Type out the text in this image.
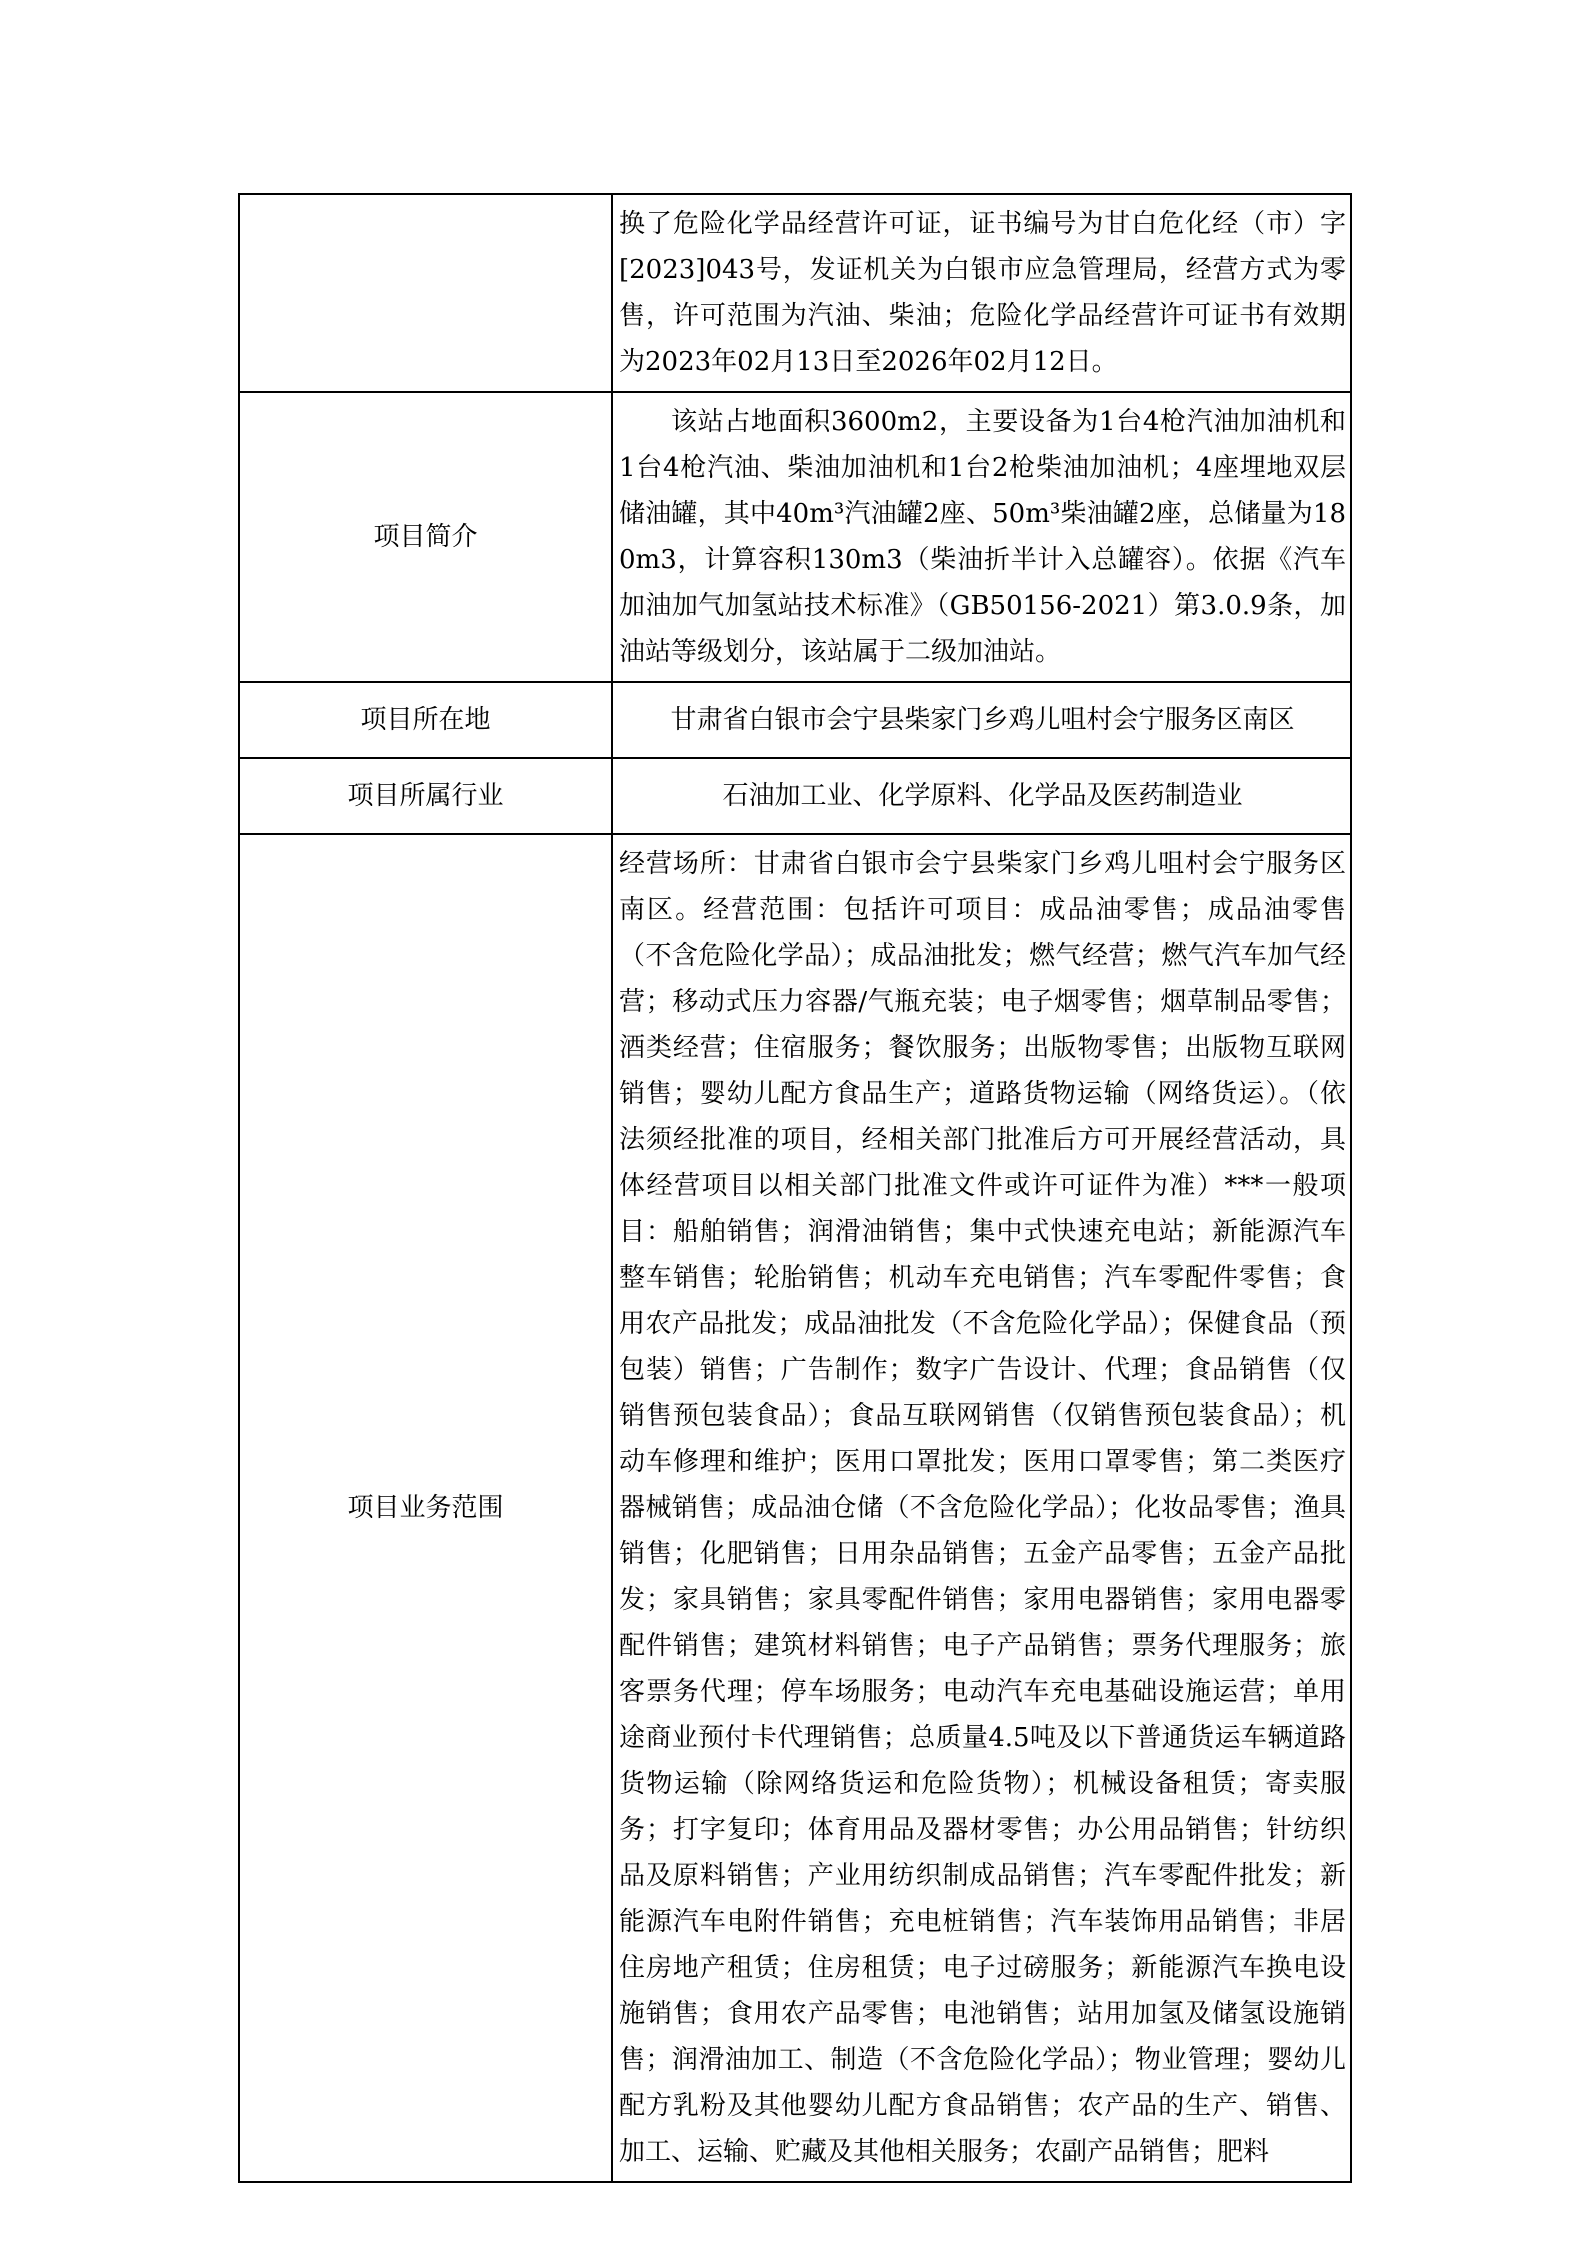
	换了危险化学品经营许可证，证书编号为甘白危化经（市）字[2023]043号，发证机关为白银市应急管理局，经营方式为零售，许可范围为汽油、柴油；危险化学品经营许可证书有效期为2023年02月13日至2026年02月12日。

项目简介	该站占地面积3600m2，主要设备为1台4枪汽油加油机和1台4枪汽油、柴油加油机和1台2枪柴油加油机；4座埋地双层储油罐，其中40m³汽油罐2座、50m³柴油罐2座，总储量为180m3，计算容积130m3（柴油折半计入总罐容）。依据《汽车加油加气加氢站技术标准》（GB50156-2021）第3.0.9条，加油站等级划分，该站属于二级加油站。

项目所在地	甘肃省白银市会宁县柴家门乡鸡儿咀村会宁服务区南区
项目所属行业	石油加工业、化学原料、化学品及医药制造业
项目业务范围	经营场所：甘肃省白银市会宁县柴家门乡鸡儿咀村会宁服务区南区。经营范围：包括许可项目：成品油零售；成品油零售（不含危险化学品）；成品油批发；燃气经营；燃气汽车加气经营；移动式压力容器/气瓶充装；电子烟零售；烟草制品零售；酒类经营；住宿服务；餐饮服务；出版物零售；出版物互联网销售；婴幼儿配方食品生产；道路货物运输（网络货运）。（依法须经批准的项目，经相关部门批准后方可开展经营活动，具体经营项目以相关部门批准文件或许可证件为准）***一般项目：船舶销售；润滑油销售；集中式快速充电站；新能源汽车整车销售；轮胎销售；机动车充电销售；汽车零配件零售；食用农产品批发；成品油批发（不含危险化学品）；保健食品（预包装）销售；广告制作；数字广告设计、代理；食品销售（仅销售预包装食品）；食品互联网销售（仅销售预包装食品）；机动车修理和维护；医用口罩批发；医用口罩零售；第二类医疗器械销售；成品油仓储（不含危险化学品）；化妆品零售；渔具销售；化肥销售；日用杂品销售；五金产品零售；五金产品批发；家具销售；家具零配件销售；家用电器销售；家用电器零配件销售；建筑材料销售；电子产品销售；票务代理服务；旅客票务代理；停车场服务；电动汽车充电基础设施运营；单用途商业预付卡代理销售；总质量4.5吨及以下普通货运车辆道路货物运输（除网络货运和危险货物）；机械设备租赁；寄卖服务；打字复印；体育用品及器材零售；办公用品销售；针纺织品及原料销售；产业用纺织制成品销售；汽车零配件批发；新能源汽车电附件销售；充电桩销售；汽车装饰用品销售；非居住房地产租赁；住房租赁；电子过磅服务；新能源汽车换电设施销售；食用农产品零售；电池销售；站用加氢及储氢设施销售；润滑油加工、制造（不含危险化学品）；物业管理；婴幼儿配方乳粉及其他婴幼儿配方食品销售；农产品的生产、销售、加工、运输、贮藏及其他相关服务；农副产品销售；肥料
